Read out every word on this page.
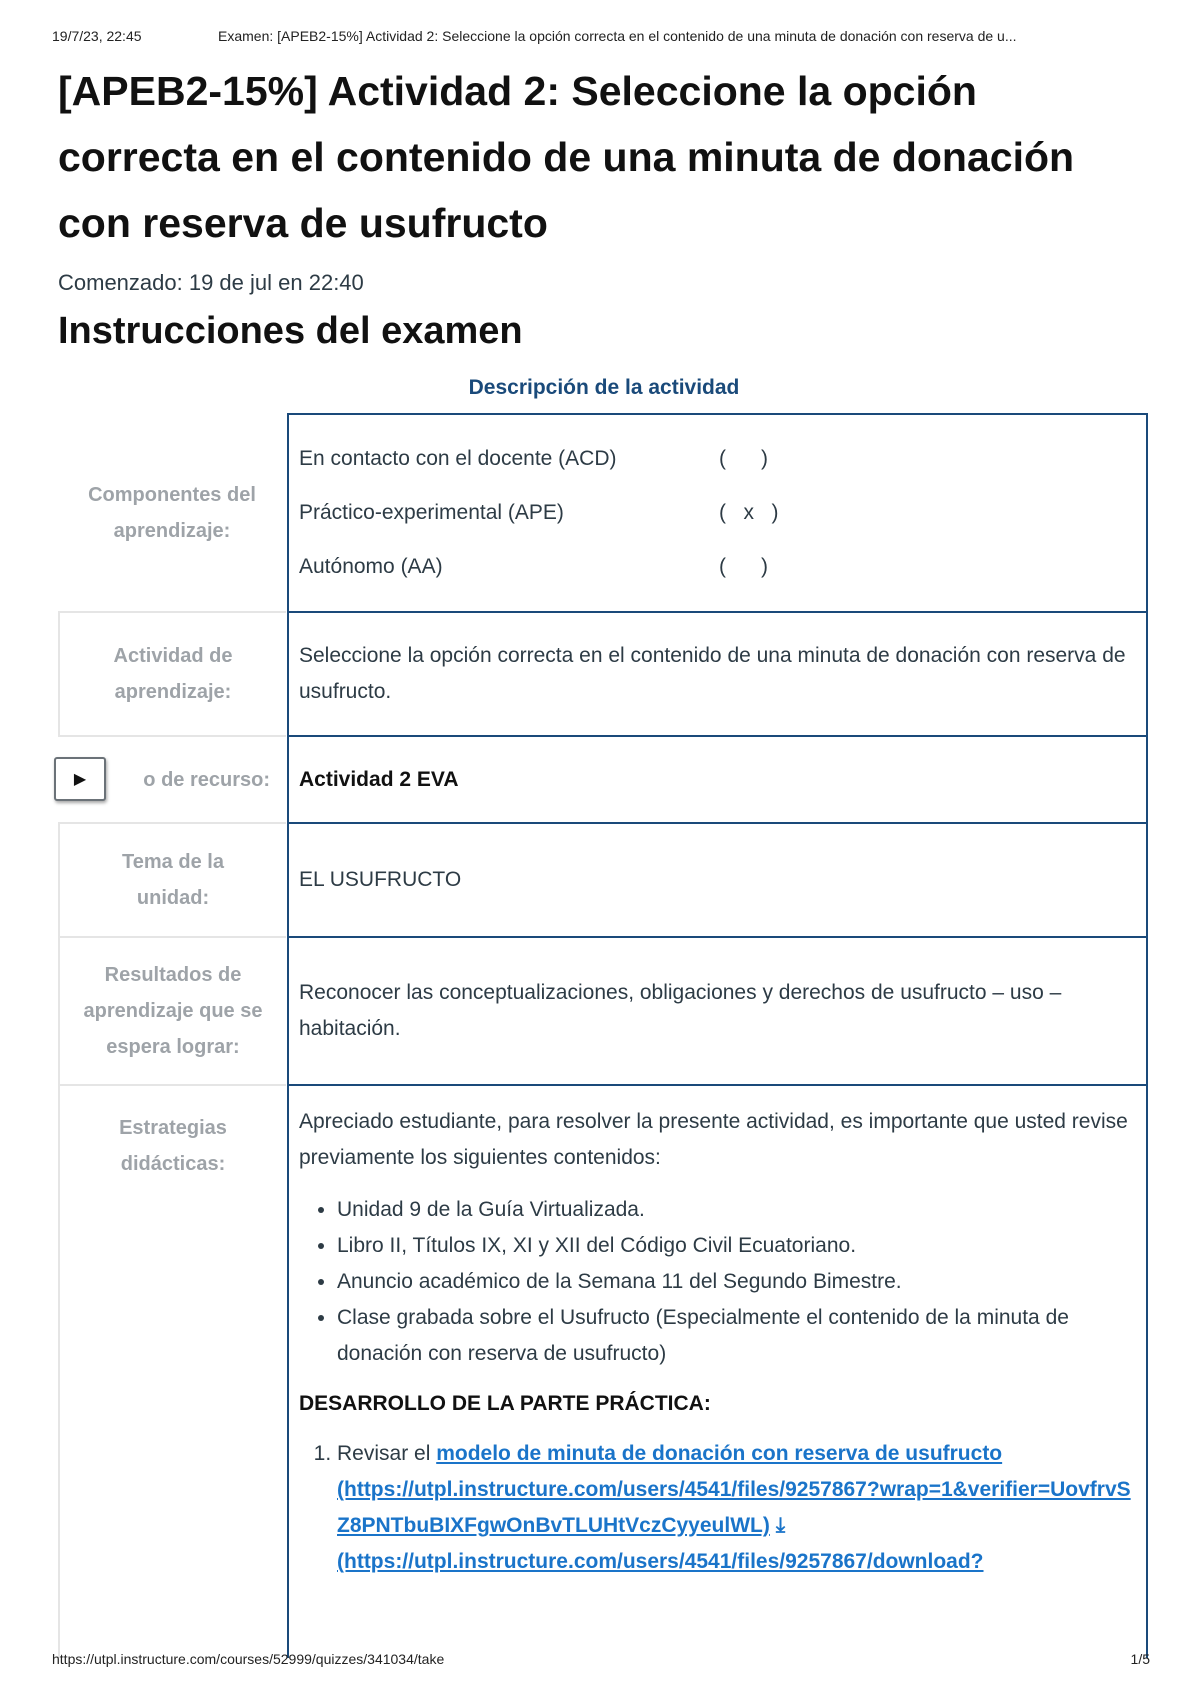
19/7/23, 22:45	Examen: [APEB2-15%] Actividad 2: Seleccione la opción correcta en el contenido de una minuta de donación con reserva de u...
[APEB2-15%] Actividad 2: Seleccione la opción correcta en el contenido de una minuta de donación con reserva de usufructo
Comenzado: 19 de jul en 22:40
Instrucciones del examen
Descripción de la actividad
Componentes del aprendizaje:
En contacto con el docente (ACD)	(      )
Práctico-experimental (APE)	(   x   )
Autónomo (AA)	(      )
Actividad de aprendizaje:
Seleccione la opción correcta en el contenido de una minuta de donación con reserva de usufructo.
o de recurso:
▶	Actividad 2 EVA
Tema de la unidad:
EL USUFRUCTO
Resultados de aprendizaje que se espera lograr:
Reconocer las conceptualizaciones, obligaciones y derechos de usufructo – uso – habitación.
Estrategias didácticas:
Apreciado estudiante, para resolver la presente actividad, es importante que usted revise previamente los siguientes contenidos:
• Unidad 9 de la Guía Virtualizada.
• Libro II, Títulos IX, XI y XII del Código Civil Ecuatoriano.
• Anuncio académico de la Semana 11 del Segundo Bimestre.
• Clase grabada sobre el Usufructo (Especialmente el contenido de la minuta de donación con reserva de usufructo)
DESARROLLO DE LA PARTE PRÁCTICA:
1. Revisar el modelo de minuta de donación con reserva de usufructo
(https://utpl.instructure.com/users/4541/files/9257867?wrap=1&verifier=UovfrvSZ8PNTbuBIXFgwOnBvTLUHtVczCyyeulWL) ⤓
(https://utpl.instructure.com/users/4541/files/9257867/download?
https://utpl.instructure.com/courses/52999/quizzes/341034/take	1/5
